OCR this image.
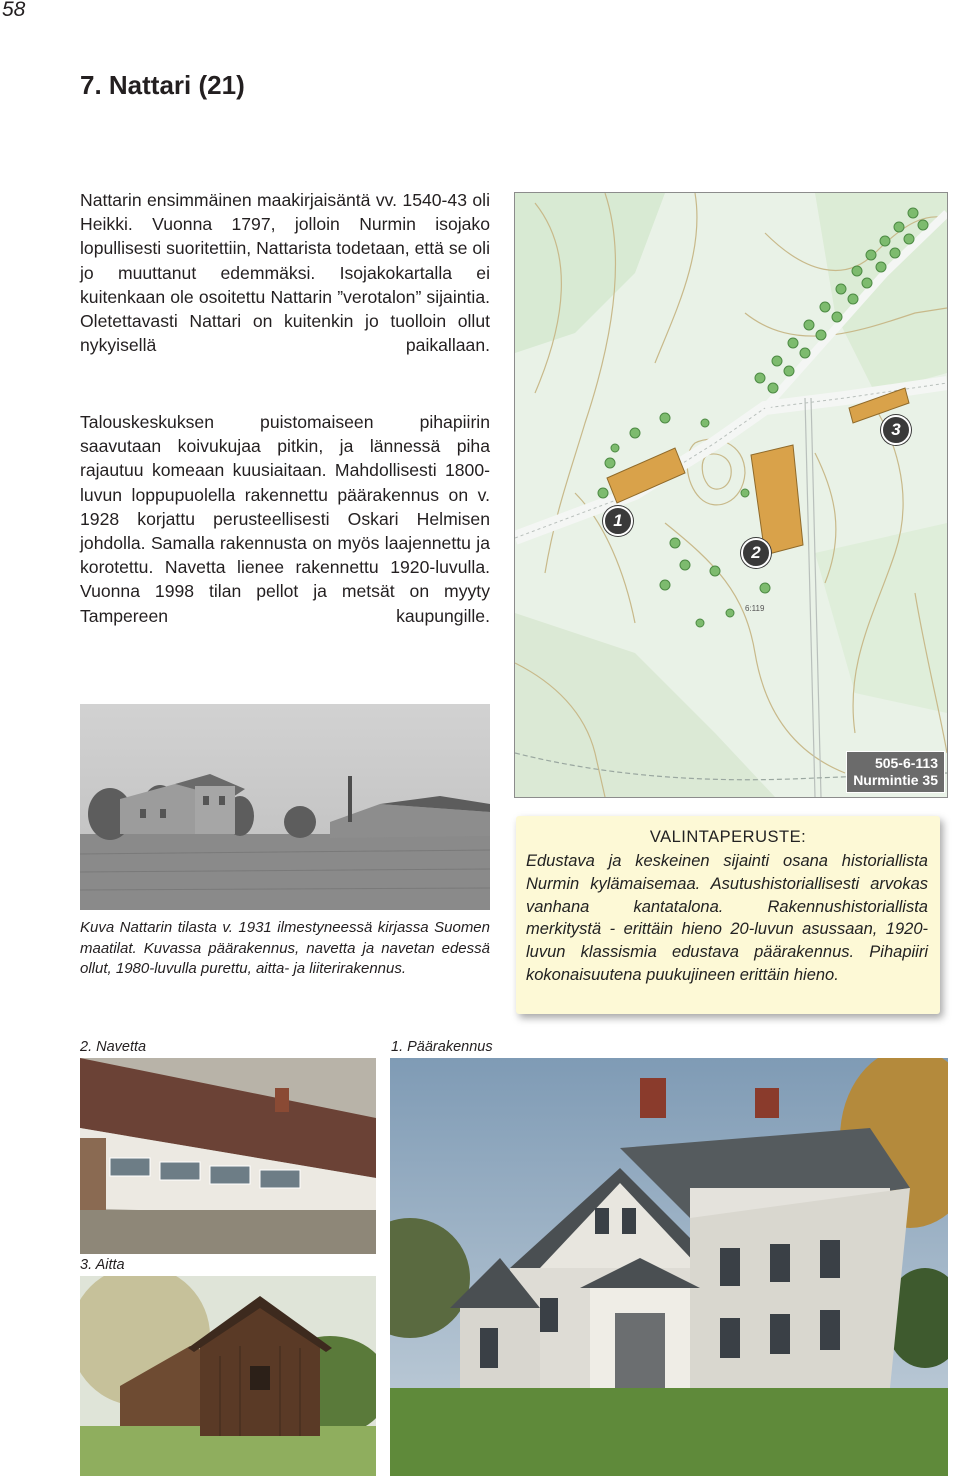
58
7. Nattari (21)

Nattarin ensimmäinen maakirjaisäntä vv. 1540-43 oli Heikki. Vuonna 1797, jolloin Nurmin isojako lopullisesti suoritettiin, Nattarista todetaan, että se oli jo muuttanut edemmäksi. Isojakokartalla ei kuitenkaan ole osoitettu Nattarin ”verotalon” sijaintia. Oletettavasti Nattari on kuitenkin jo tuolloin ollut nykyisellä paikallaan.

Talouskeskuksen puistomaiseen pihapiirin saavutaan koivukujaa pitkin, ja lännessä piha rajautuu komeaan kuusiaitaan. Mahdollisesti 1800-luvun loppupuolella rakennettu päärakennus on v. 1928 korjattu perusteellisesti Oskari Helmisen johdolla. Samalla rakennusta on myös laajennettu ja korotettu. Navetta lienee rakennettu 1920-luvulla. Vuonna 1998 tilan pellot ja metsät on myyty Tampereen kaupungille.	6:119
1
2
3
505-6-113
Nurmintie 35

Kuva Nattarin tilasta v. 1931 ilmestyneessä kirjassa Suomen maatilat. Kuvassa päärakennus, navetta ja navetan edessä ollut, 1980-luvulla purettu, aitta- ja liiterirakennus.

VALINTAPERUSTE:

Edustava ja keskeinen sijainti osana historiallista Nurmin kylämaisemaa. Asutushistoriallisesti arvokas vanhana kantatalona. Rakennushistoriallista merkitystä - erittäin hieno 20-luvun asussaan, 1920-luvun klassismia edustava päärakennus. Pihapiiri kokonaisuutena puukujineen erittäin hieno.

2. Navetta	1. Päärakennus
3. Aitta
